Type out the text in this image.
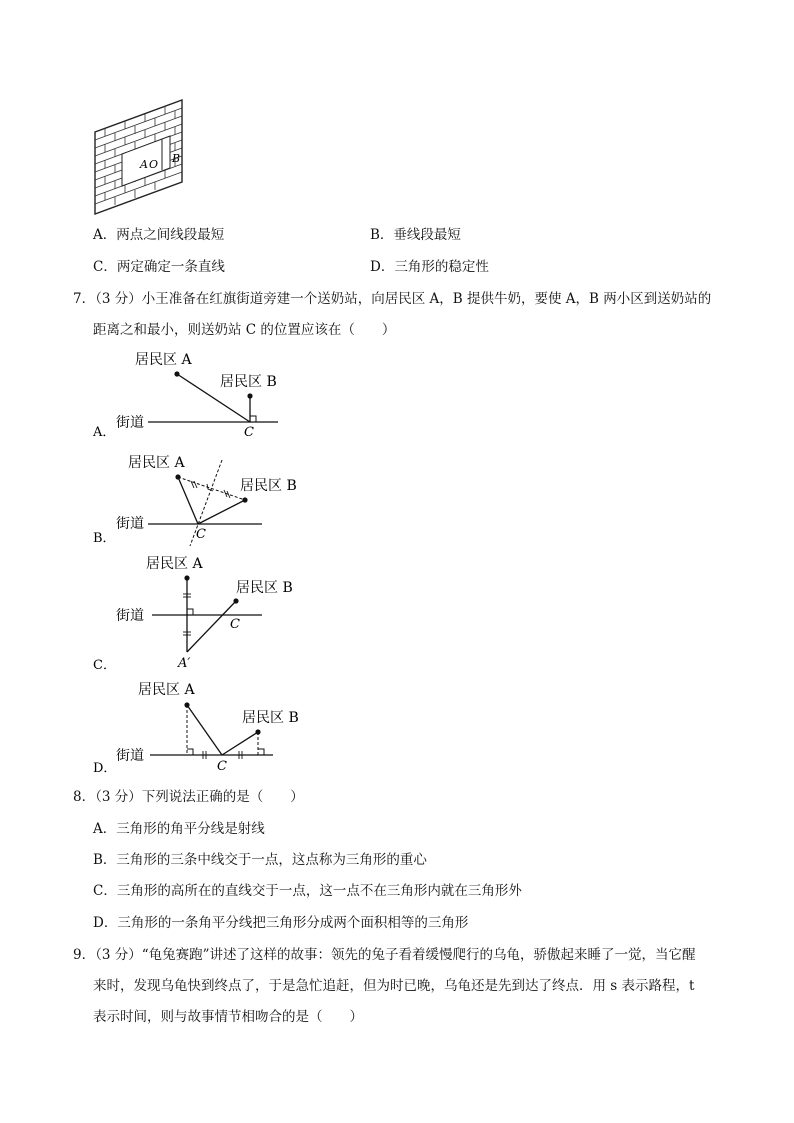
A O B
A．两点之间线段最短	B．垂线段最短
C．两定确定一条直线	D．三角形的稳定性
7．（3 分）小王准备在红旗街道旁建一个送奶站，向居民区 A，B 提供牛奶，要使 A，B 两小区到送奶站的
距离之和最小，则送奶站 C 的位置应该在（　　）
居民区 A
居民区 B
街道
C
A．
居民区 A
居民区 B
街道
C
B．
居民区 A
居民区 B
街道
C
A′
C．
居民区 A
居民区 B
街道
C
D．
8．（3 分）下列说法正确的是（　　）
A．三角形的角平分线是射线
B．三角形的三条中线交于一点，这点称为三角形的重心
C．三角形的高所在的直线交于一点，这一点不在三角形内就在三角形外
D．三角形的一条角平分线把三角形分成两个面积相等的三角形
9．（3 分）“龟兔赛跑”讲述了这样的故事：领先的兔子看着缓慢爬行的乌龟，骄傲起来睡了一觉，当它醒
来时，发现乌龟快到终点了，于是急忙追赶，但为时已晚，乌龟还是先到达了终点．用 s 表示路程，t
表示时间，则与故事情节相吻合的是（　　）
